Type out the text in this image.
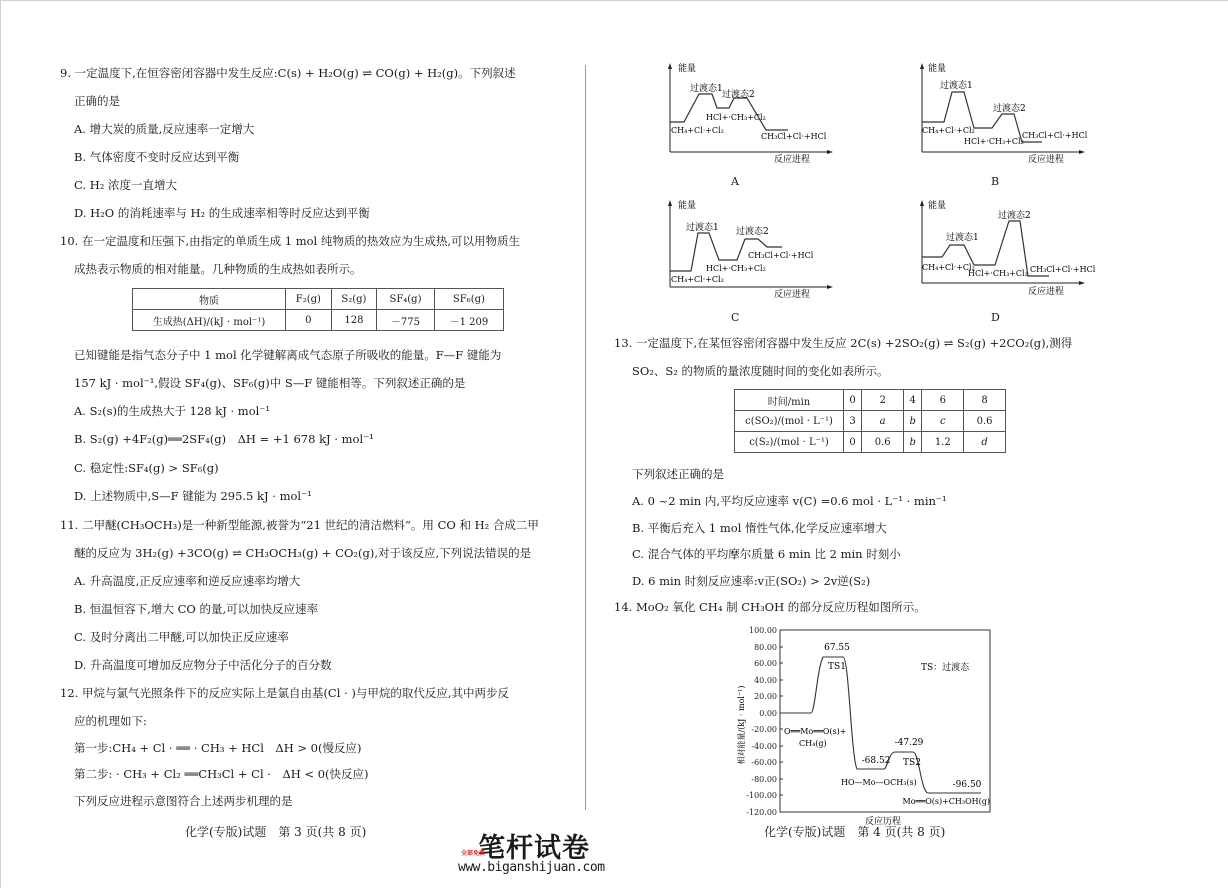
9. 一定温度下,在恒容密闭容器中发生反应:C(s) + H₂O(g) ⇌ CO(g) + H₂(g)。下列叙述
正确的是
A. 增大炭的质量,反应速率一定增大
B. 气体密度不变时反应达到平衡
C. H₂ 浓度一直增大
D. H₂O 的消耗速率与 H₂ 的生成速率相等时反应达到平衡
10. 在一定温度和压强下,由指定的单质生成 1 mol 纯物质的热效应为生成热,可以用物质生
成热表示物质的相对能量。几种物质的生成热如表所示。
物质	F₂(g)	S₂(g)	SF₄(g)	SF₆(g)
生成热(ΔH)/(kJ · mol⁻¹)	0	128	－775	－1 209
已知键能是指气态分子中 1 mol 化学键解离成气态原子所吸收的能量。F—F 键能为
157 kJ · mol⁻¹,假设 SF₄(g)、SF₆(g)中 S—F 键能相等。下列叙述正确的是
A. S₂(s)的生成热大于 128 kJ · mol⁻¹
B. S₂(g) +4F₂(g)══2SF₄(g)　ΔH = +1 678 kJ · mol⁻¹
C. 稳定性:SF₄(g) > SF₆(g)
D. 上述物质中,S—F 键能为 295.5 kJ · mol⁻¹
11. 二甲醚(CH₃OCH₃)是一种新型能源,被誉为“21 世纪的清洁燃料”。用 CO 和 H₂ 合成二甲
醚的反应为 3H₂(g) +3CO(g) ⇌ CH₃OCH₃(g) + CO₂(g),对于该反应,下列说法错误的是
A. 升高温度,正反应速率和逆反应速率均增大
B. 恒温恒容下,增大 CO 的量,可以加快反应速率
C. 及时分离出二甲醚,可以加快正反应速率
D. 升高温度可增加反应物分子中活化分子的百分数
12. 甲烷与氯气光照条件下的反应实际上是氯自由基(Cl · )与甲烷的取代反应,其中两步反
应的机理如下:
第一步:CH₄ + Cl · ══ · CH₃ + HCl　ΔH > 0(慢反应)
第二步: · CH₃ + Cl₂ ══CH₃Cl + Cl ·　ΔH < 0(快反应)
下列反应进程示意图符合上述两步机理的是
化学(专版)试题　第 3 页(共 8 页)
能量
过渡态1
过渡态2
HCl+·CH₃+Cl₂
CH₄+Cl·+Cl₂
CH₃Cl+Cl·+HCl
反应进程
A
能量
过渡态1
过渡态2
CH₄+Cl·+Cl₂
HCl+·CH₃+Cl₂
CH₃Cl+Cl·+HCl
反应进程
B
能量
过渡态1 过渡态2
HCl+·CH₃+Cl₂
CH₄+Cl·+Cl₂
CH₃Cl+Cl·+HCl
反应进程
C
能量
过渡态1
过渡态2
CH₄+Cl·+Cl₂
HCl+·CH₃+Cl₂ CH₃Cl+Cl·+HCl
反应进程
D
13. 一定温度下,在某恒容密闭容器中发生反应 2C(s) +2SO₂(g) ⇌ S₂(g) +2CO₂(g),测得
SO₂、S₂ 的物质的量浓度随时间的变化如表所示。
时间/min	0	2	4	6	8
c(SO₂)/(mol · L⁻¹)	3	a	b	c	0.6
c(S₂)/(mol · L⁻¹)	0	0.6	b	1.2	d
下列叙述正确的是
A. 0 ~2 min 内,平均反应速率 v(C) =0.6 mol · L⁻¹ · min⁻¹
B. 平衡后充入 1 mol 惰性气体,化学反应速率增大
C. 混合气体的平均摩尔质量 6 min 比 2 min 时刻小
D. 6 min 时刻反应速率:v正(SO₂) > 2v逆(S₂)
14. MoO₂ 氧化 CH₄ 制 CH₃OH 的部分反应历程如图所示。
100.00
80.00
60.00
40.00
20.00
0.00
-20.00
-40.00
-60.00
-80.00
-100.00
-120.00
67.55
TS1	TS：过渡态
O══Mo══O(s)+
CH₄(g)
-68.52
-47.29
TS2
HO—Mo—OCH₃(s)	-96.50
Mo══O(s)+CH₃OH(g)
反应历程
相对能量/(kJ · mol⁻¹)
化学(专版)试题　第 4 页(共 8 页)
笔杆试卷
全部免费
www.biganshijuan.com
